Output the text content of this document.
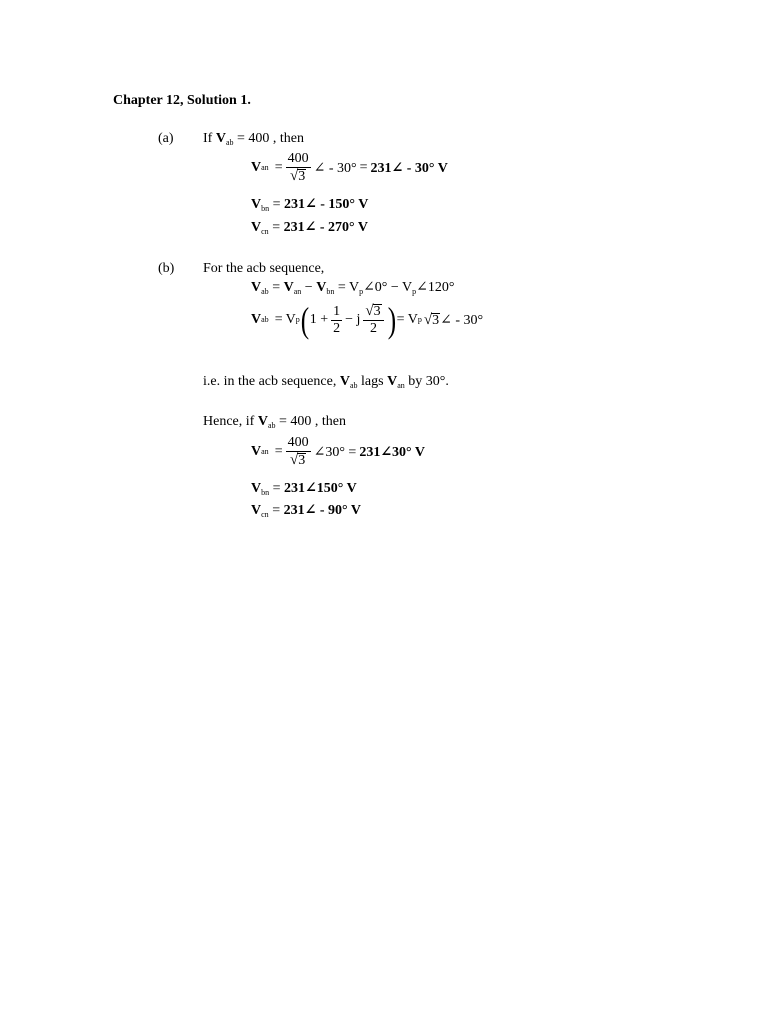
Chapter 12, Solution 1.
(a) If $V_{ab} = 400$ , then
V an = $\frac{400}{√ 3}$ ∠ - 30° = 231∠ - 30° V
$V_{bn}$ = 231∠ - 150° V
$V_{cn}$ = 231∠ - 270° V
(b) For the acb sequence,
$V_{ab} = V_{an} - V_{bn}$ = $V_p\angle 0^\circ$ − $V_p\angle 120^\circ$
V ab = V p ( $1 + \frac{1}{2} - j \frac{√ 3}{2}$ ) = V p √ 3 ∠ - 30°
i.e. in the acb sequence, $V_{ab}$ lags $V_{an}$ by 30°.
Hence, if $V_{ab} = 400$ , then
V an = $\frac{400}{√ 3}$ ∠30° = 231∠30° V
$V_{bn}$ = 231∠150° V
$V_{cn}$ = 231∠ - 90° V
